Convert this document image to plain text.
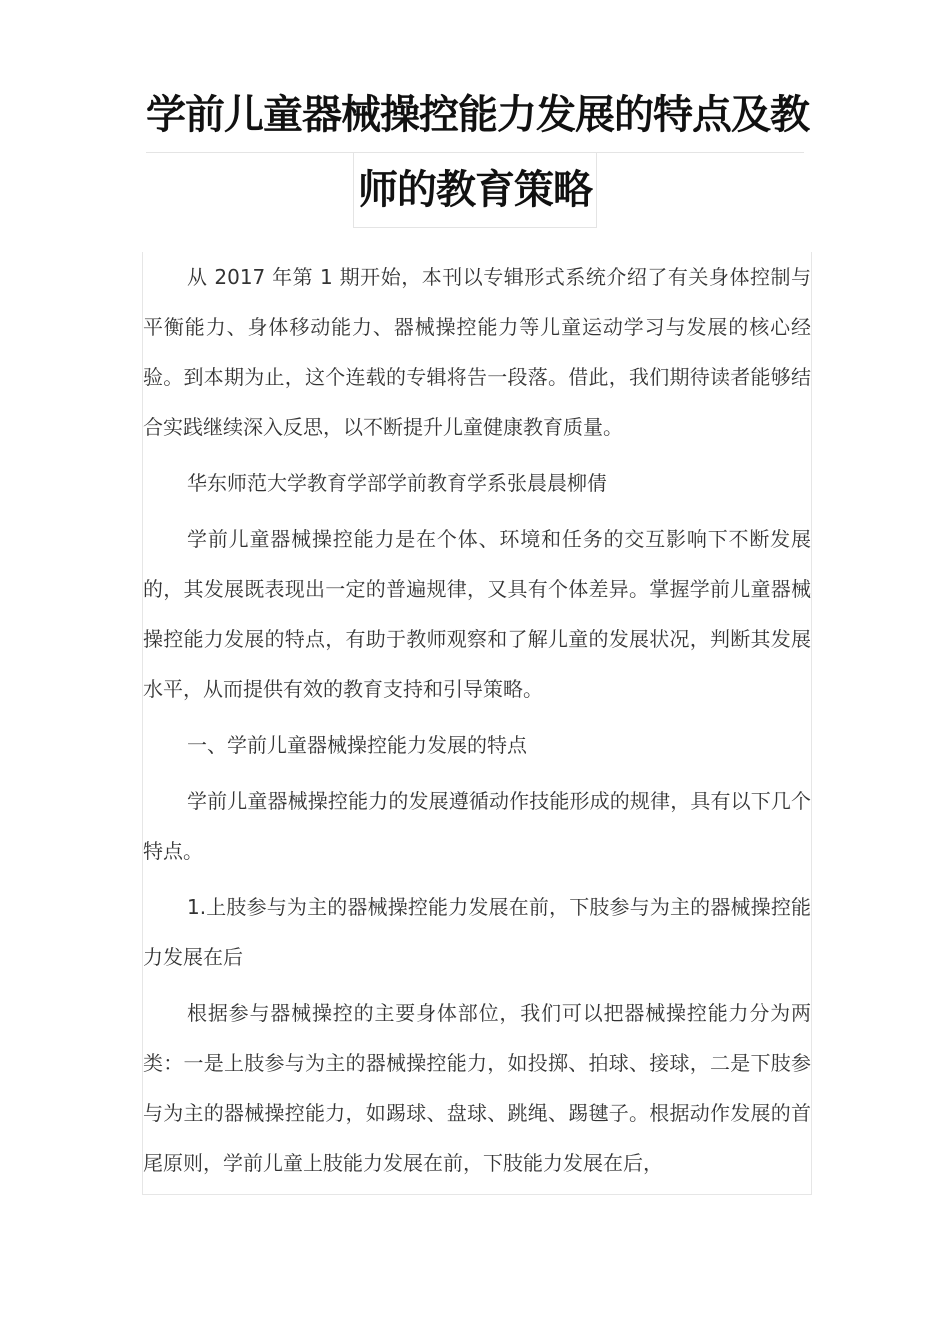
学前儿童器械操控能力发展的特点及教
师的教育策略

从 2017 年第 1 期开始，本刊以专辑形式系统介绍了有关身体控制与平衡能力、身体移动能力、器械操控能力等儿童运动学习与发展的核心经验。到本期为止，这个连载的专辑将告一段落。借此，我们期待读者能够结合实践继续深入反思，以不断提升儿童健康教育质量。

华东师范大学教育学部学前教育学系张晨晨柳倩

学前儿童器械操控能力是在个体、环境和任务的交互影响下不断发展的，其发展既表现出一定的普遍规律，又具有个体差异。掌握学前儿童器械操控能力发展的特点，有助于教师观察和了解儿童的发展状况，判断其发展水平，从而提供有效的教育支持和引导策略。

一、学前儿童器械操控能力发展的特点

学前儿童器械操控能力的发展遵循动作技能形成的规律，具有以下几个特点。

1.上肢参与为主的器械操控能力发展在前，下肢参与为主的器械操控能力发展在后

根据参与器械操控的主要身体部位，我们可以把器械操控能力分为两类：一是上肢参与为主的器械操控能力，如投掷、拍球、接球，二是下肢参与为主的器械操控能力，如踢球、盘球、跳绳、踢毽子。根据动作发展的首尾原则，学前儿童上肢能力发展在前，下肢能力发展在后，
